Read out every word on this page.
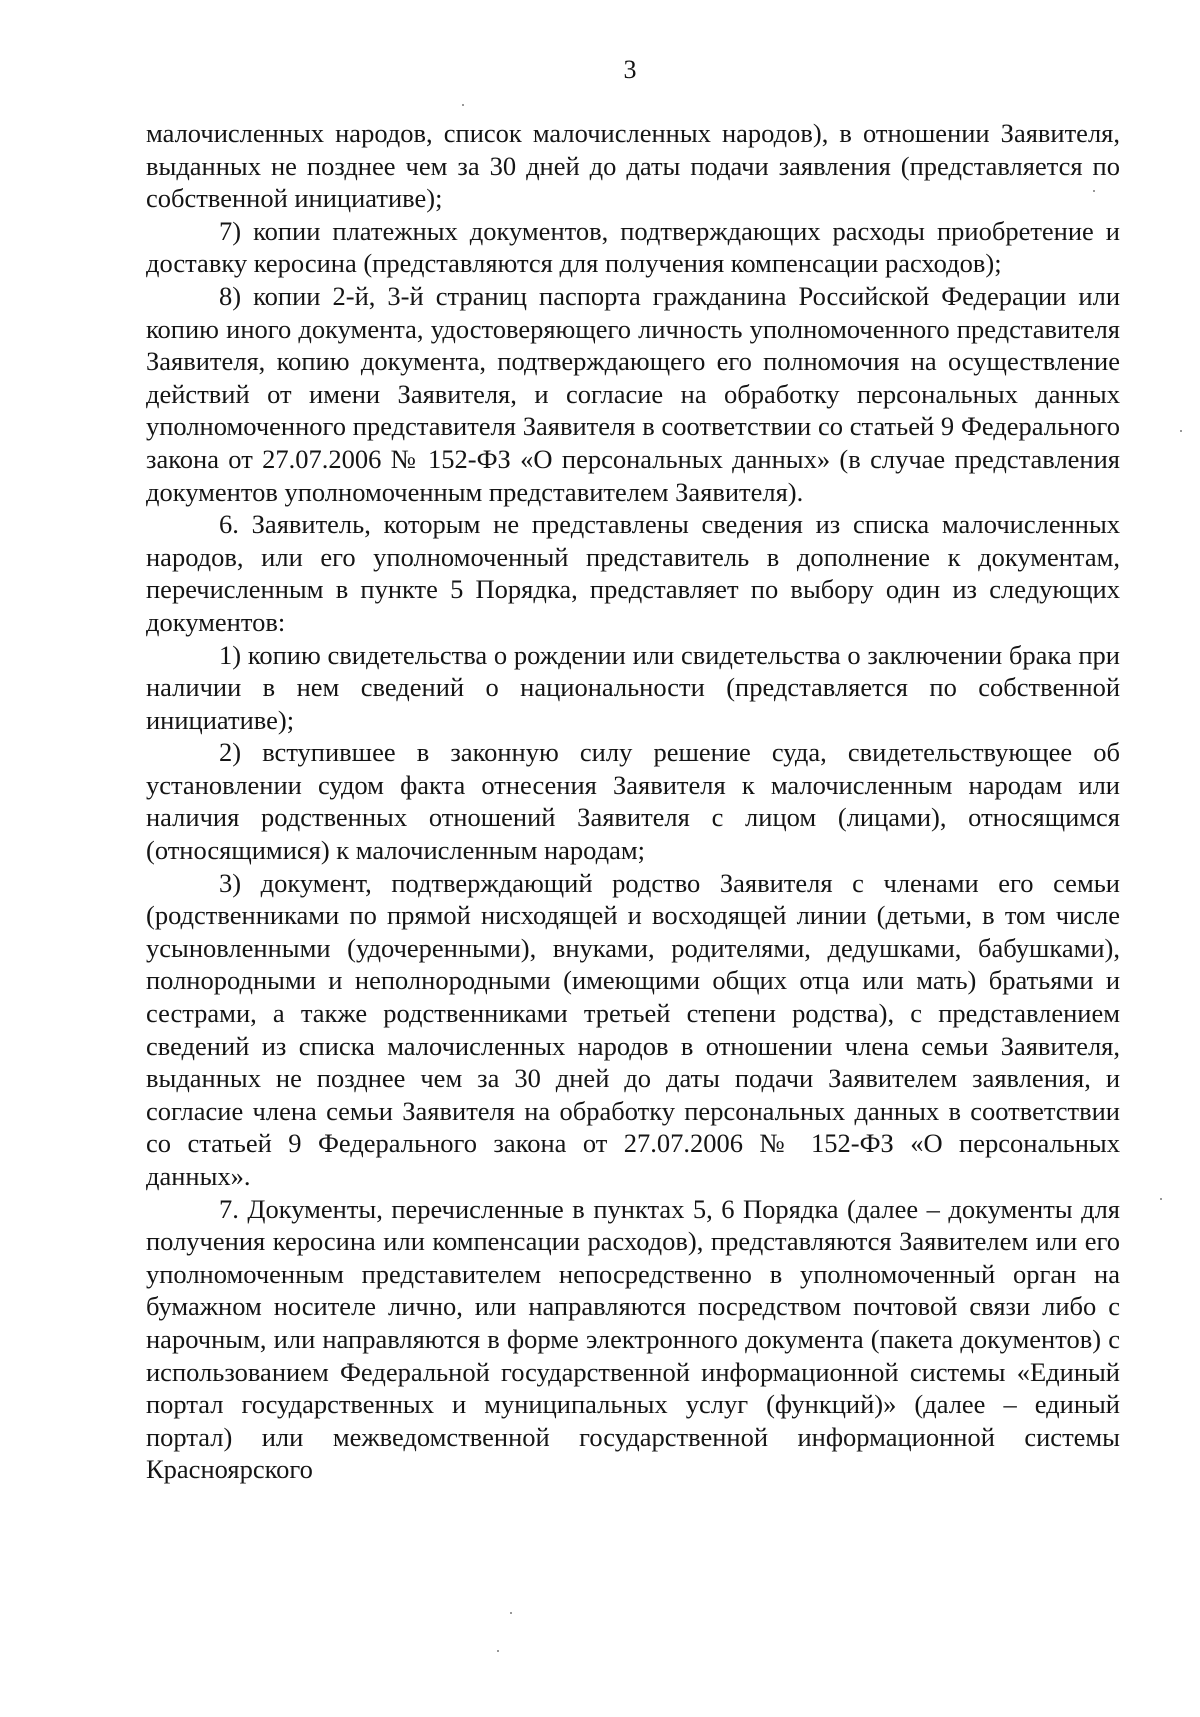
3

малочисленных народов, список малочисленных народов), в отношении Заявителя, выданных не позднее чем за 30 дней до даты подачи заявления (представляется по собственной инициативе);

7) копии платежных документов, подтверждающих расходы приобретение и доставку керосина (представляются для получения компенсации расходов);

8) копии 2-й, 3-й страниц паспорта гражданина Российской Федерации или копию иного документа, удостоверяющего личность уполномоченного представителя Заявителя, копию документа, подтверждающего его полномочия на осуществление действий от имени Заявителя, и согласие на обработку персональных данных уполномоченного представителя Заявителя в соответствии со статьей 9 Федерального закона от 27.07.2006 № 152-ФЗ «О персональных данных» (в случае представления документов уполномоченным представителем Заявителя).

6. Заявитель, которым не представлены сведения из списка малочисленных народов, или его уполномоченный представитель в дополнение к документам, перечисленным в пункте 5 Порядка, представляет по выбору один из следующих документов:

1) копию свидетельства о рождении или свидетельства о заключении брака при наличии в нем сведений о национальности (представляется по собственной инициативе);

2) вступившее в законную силу решение суда, свидетельствующее об установлении судом факта отнесения Заявителя к малочисленным народам или наличия родственных отношений Заявителя с лицом (лицами), относящимся (относящимися) к малочисленным народам;

3) документ, подтверждающий родство Заявителя с членами его семьи (родственниками по прямой нисходящей и восходящей линии (детьми, в том числе усыновленными (удочеренными), внуками, родителями, дедушками, бабушками), полнородными и неполнородными (имеющими общих отца или мать) братьями и сестрами, а также родственниками третьей степени родства), с представлением сведений из списка малочисленных народов в отношении члена семьи Заявителя, выданных не позднее чем за 30 дней до даты подачи Заявителем заявления, и согласие члена семьи Заявителя на обработку персональных данных в соответствии со статьей 9 Федерального закона от 27.07.2006 № 152-ФЗ «О персональных данных».

7. Документы, перечисленные в пунктах 5, 6 Порядка (далее – документы для получения керосина или компенсации расходов), представляются Заявителем или его уполномоченным представителем непосредственно в уполномоченный орган на бумажном носителе лично, или направляются посредством почтовой связи либо с нарочным, или направляются в форме электронного документа (пакета документов) с использованием Федеральной государственной информационной системы «Единый портал государственных и муниципальных услуг (функций)» (далее – единый портал) или межведомственной государственной информационной системы Красноярского
